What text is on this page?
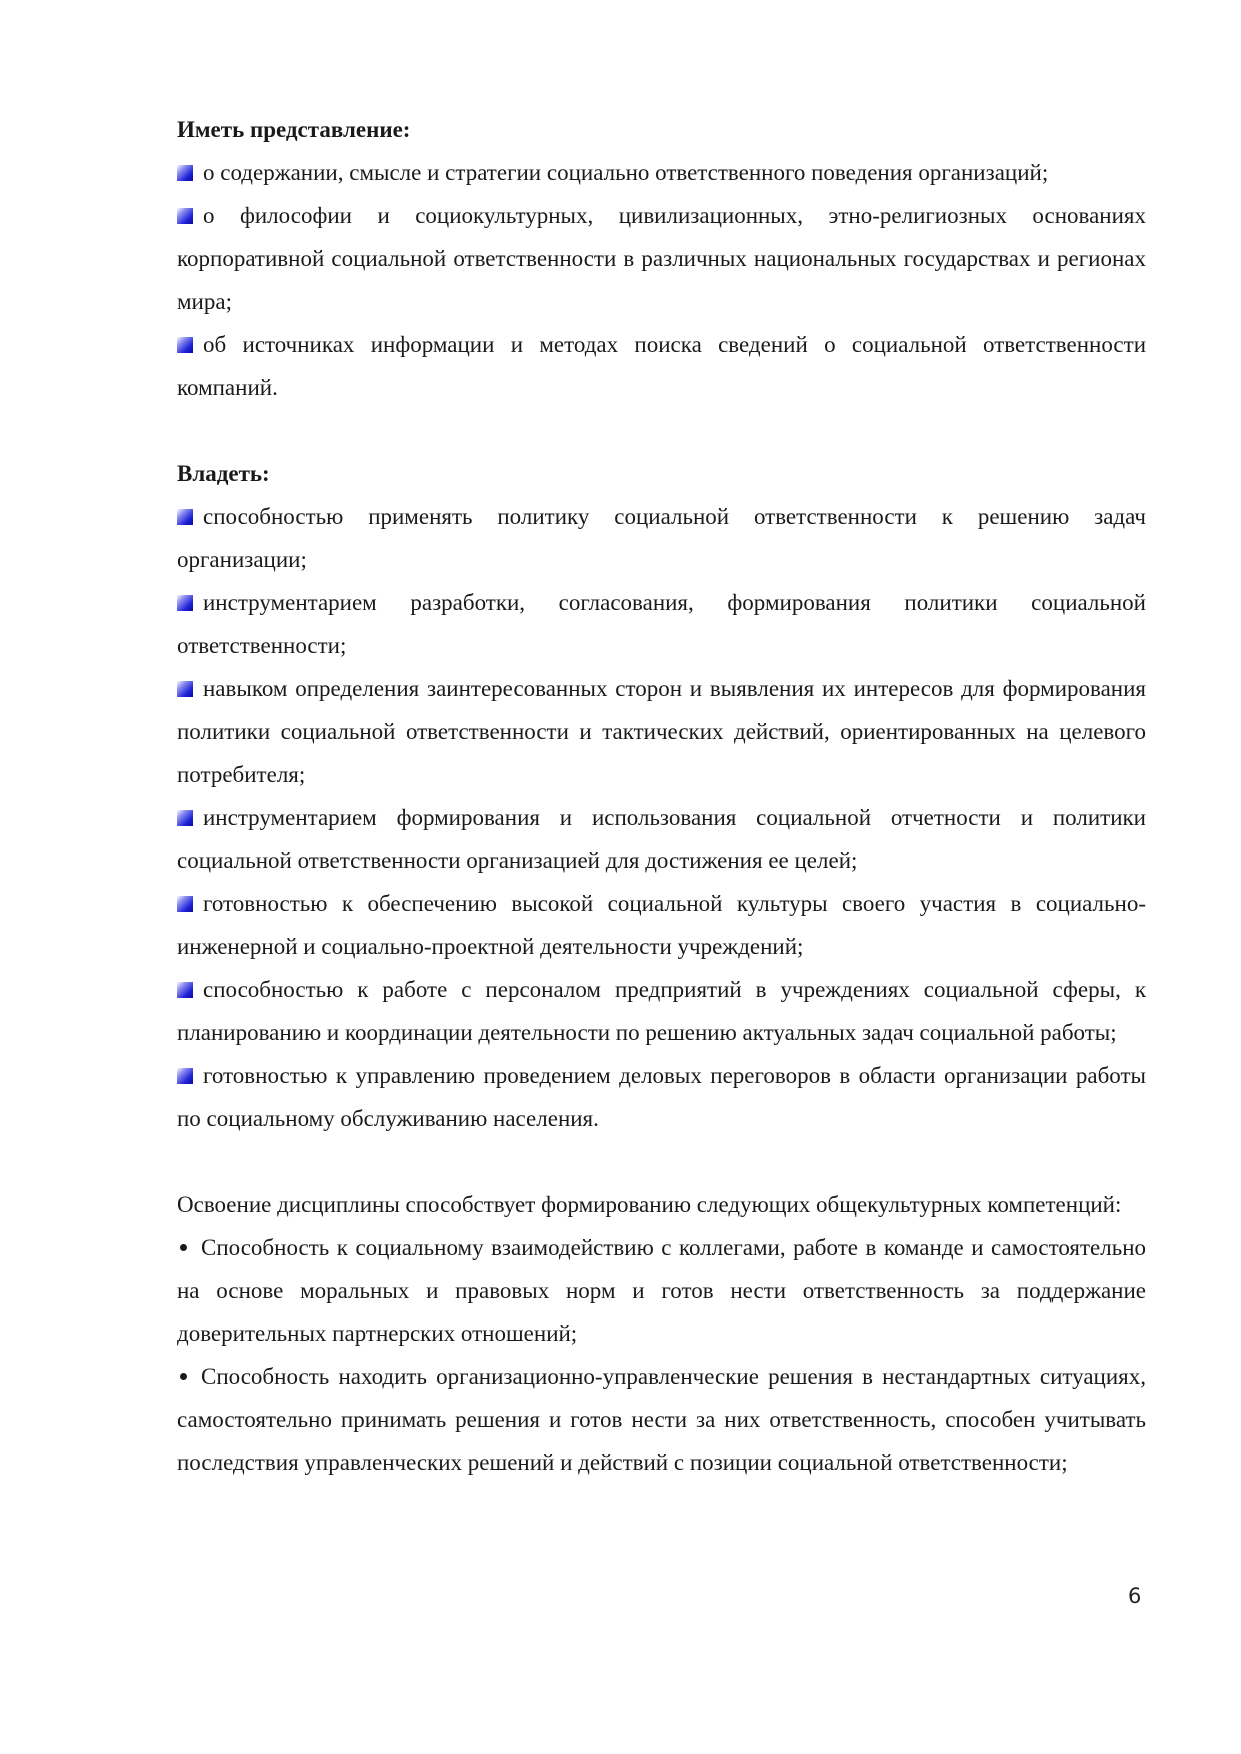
Иметь представление:

о содержании, смысле и стратегии социально ответственного поведения организаций;

о философии и социокультурных, цивилизационных, этно-религиозных основаниях корпоративной социальной ответственности в различных национальных государствах и регионах мира;

об источниках информации и методах поиска сведений о социальной ответственности компаний.

Владеть:

способностью применять политику социальной ответственности к решению задач организации;

инструментарием разработки, согласования, формирования политики социальной ответственности;

навыком определения заинтересованных сторон и выявления их интересов для формирования политики социальной ответственности и тактических действий, ориентированных на целевого потребителя;

инструментарием формирования и использования социальной отчетности и политики социальной ответственности организацией для достижения ее целей;

готовностью к обеспечению высокой социальной культуры своего участия в социально-инженерной и социально-проектной деятельности учреждений;

способностью к работе с персоналом предприятий в учреждениях социальной сферы, к планированию и координации деятельности по решению актуальных задач социальной работы;

готовностью к управлению проведением деловых переговоров в области организации работы по социальному обслуживанию населения.

Освоение дисциплины способствует формированию следующих общекультурных компетенций:

Способность к социальному взаимодействию с коллегами, работе в команде и самостоятельно на основе моральных и правовых норм и готов нести ответственность за поддержание доверительных партнерских отношений;

Способность находить организационно-управленческие решения в нестандартных ситуациях, самостоятельно принимать решения и готов нести за них ответственность, способен учитывать последствия управленческих решений и действий с позиции социальной ответственности;

6
